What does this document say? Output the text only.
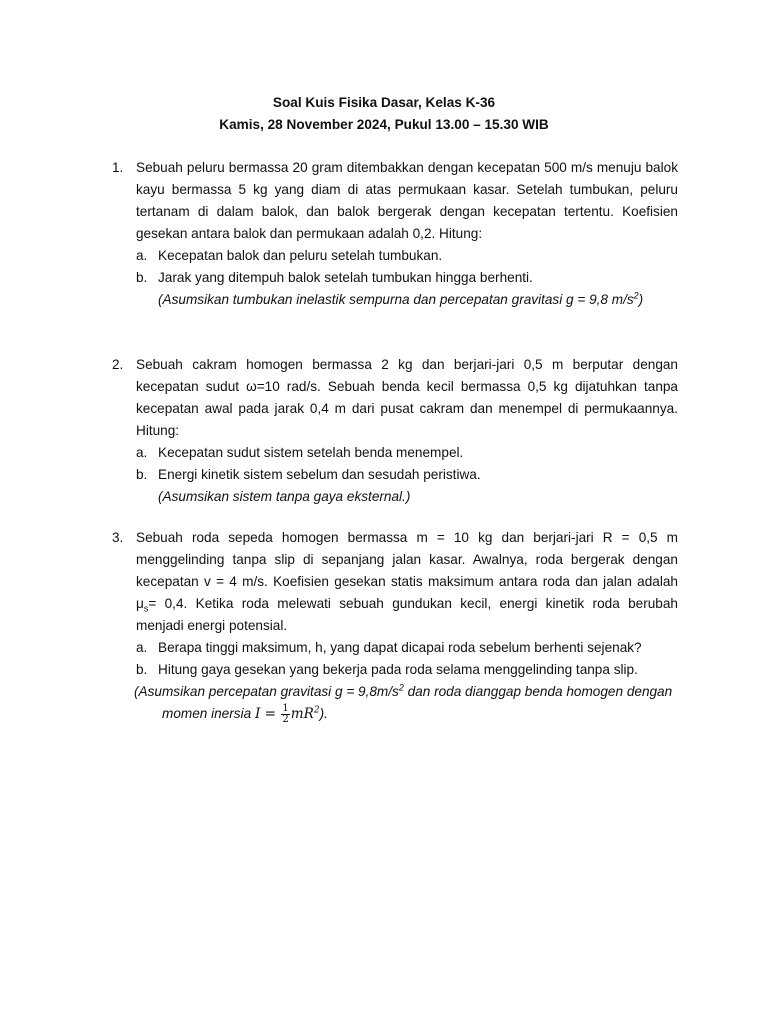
Soal Kuis Fisika Dasar, Kelas K-36
Kamis, 28 November 2024, Pukul 13.00 – 15.30 WIB
1. Sebuah peluru bermassa 20 gram ditembakkan dengan kecepatan 500 m/s menuju balok kayu bermassa 5 kg yang diam di atas permukaan kasar. Setelah tumbukan, peluru tertanam di dalam balok, dan balok bergerak dengan kecepatan tertentu. Koefisien gesekan antara balok dan permukaan adalah 0,2. Hitung:
a. Kecepatan balok dan peluru setelah tumbukan.
b. Jarak yang ditempuh balok setelah tumbukan hingga berhenti.
(Asumsikan tumbukan inelastik sempurna dan percepatan gravitasi g = 9,8 $m/s^2$)
2. Sebuah cakram homogen bermassa 2 kg dan berjari-jari 0,5 m berputar dengan kecepatan sudut ω=10 rad/s. Sebuah benda kecil bermassa 0,5 kg dijatuhkan tanpa kecepatan awal pada jarak 0,4 m dari pusat cakram dan menempel di permukaannya. Hitung:
a. Kecepatan sudut sistem setelah benda menempel.
b. Energi kinetik sistem sebelum dan sesudah peristiwa.
(Asumsikan sistem tanpa gaya eksternal.)
3. Sebuah roda sepeda homogen bermassa m = 10 kg dan berjari-jari R = 0,5 m menggelinding tanpa slip di sepanjang jalan kasar. Awalnya, roda bergerak dengan kecepatan v = 4 m/s. Koefisien gesekan statis maksimum antara roda dan jalan adalah $\mu_s= 0,4$. Ketika roda melewati sebuah gundukan kecil, energi kinetik roda berubah menjadi energi potensial.
a. Berapa tinggi maksimum, h, yang dapat dicapai roda sebelum berhenti sejenak?
b. Hitung gaya gesekan yang bekerja pada roda selama menggelinding tanpa slip.
(Asumsikan percepatan gravitasi $g = 9,8m/s^2$ dan roda dianggap benda homogen dengan
momen inersia $I = \frac{1}{2} mR^2$).
